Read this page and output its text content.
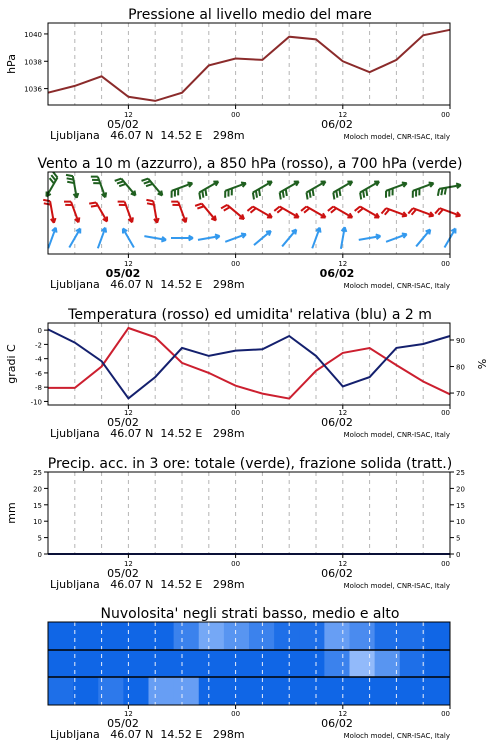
Pressione al livello medio del mare
1036
1038
1040
hPa
12	00	12	00
05/02	06/02
Ljubljana   46.07 N  14.52 E   298m	Moloch model, CNR-ISAC, Italy
Vento a 10 m (azzurro), a 850 hPa (rosso), a 700 hPa (verde)
12	00	12	00
05/02	06/02
Ljubljana   46.07 N  14.52 E   298m	Moloch model, CNR-ISAC, Italy
Temperatura (rosso) ed umidita' relativa (blu) a 2 m
0
-2
-4
-6
-8
-10
90
80
70
gradi C	%
12	00	12	00
05/02	06/02
Ljubljana   46.07 N  14.52 E   298m	Moloch model, CNR-ISAC, Italy
Precip. acc. in 3 ore: totale (verde), frazione solida (tratt.)
0
5
10
15
20
25
0
5
10
15
20
25
mm
12	00	12	00
05/02	06/02
Ljubljana   46.07 N  14.52 E   298m	Moloch model, CNR-ISAC, Italy
Nuvolosita' negli strati basso, medio e alto
12	00	12	00
05/02	06/02
Ljubljana   46.07 N  14.52 E   298m	Moloch model, CNR-ISAC, Italy
